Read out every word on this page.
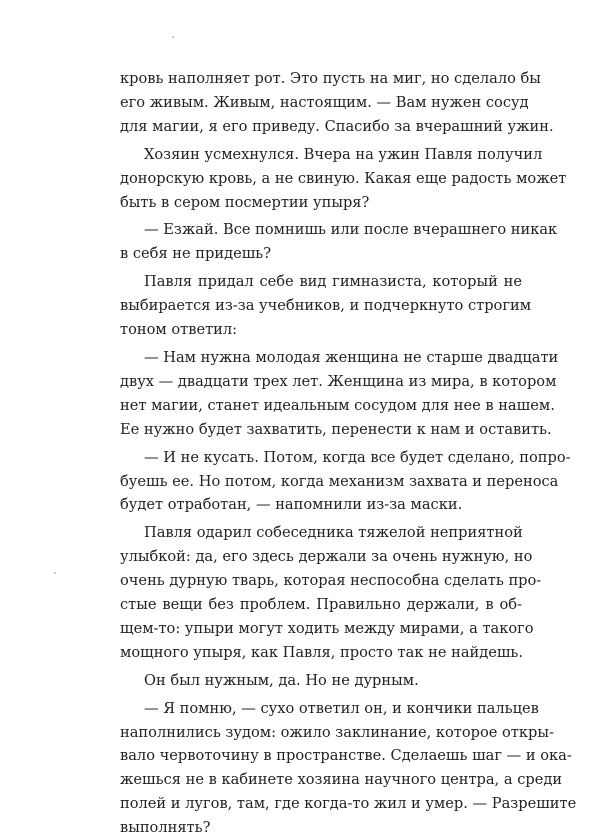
кровь наполняет рот. Это пусть на миг, но сделало бы
его живым. Живым, настоящим. — Вам нужен сосуд
для магии, я его приведу. Спасибо за вчерашний ужин.
Хозяин усмехнулся. Вчера на ужин Павля получил
донорскую кровь, а не свиную. Какая еще радость может
быть в сером посмертии упыря?
— Езжай. Все помнишь или после вчерашнего никак
в себя не придешь?
Павля придал себе вид гимназиста, который не
выбирается из-за учебников, и подчеркнуто строгим
тоном ответил:
— Нам нужна молодая женщина не старше двадцати
двух — двадцати трех лет. Женщина из мира, в котором
нет магии, станет идеальным сосудом для нее в нашем.
Ее нужно будет захватить, перенести к нам и оставить.
— И не кусать. Потом, когда все будет сделано, попро-
буешь ее. Но потом, когда механизм захвата и переноса
будет отработан, — напомнили из-за маски.
Павля одарил собеседника тяжелой неприятной
улыбкой: да, его здесь держали за очень нужную, но
очень дурную тварь, которая неспособна сделать про-
стые вещи без проблем. Правильно держали, в об-
щем-то: упыри могут ходить между мирами, а такого
мощного упыря, как Павля, просто так не найдешь.
Он был нужным, да. Но не дурным.
— Я помню, — сухо ответил он, и кончики пальцев
наполнились зудом: ожило заклинание, которое откры-
вало червоточину в пространстве. Сделаешь шаг — и ока-
жешься не в кабинете хозяина научного центра, а среди
полей и лугов, там, где когда-то жил и умер. — Разрешите
выполнять?
